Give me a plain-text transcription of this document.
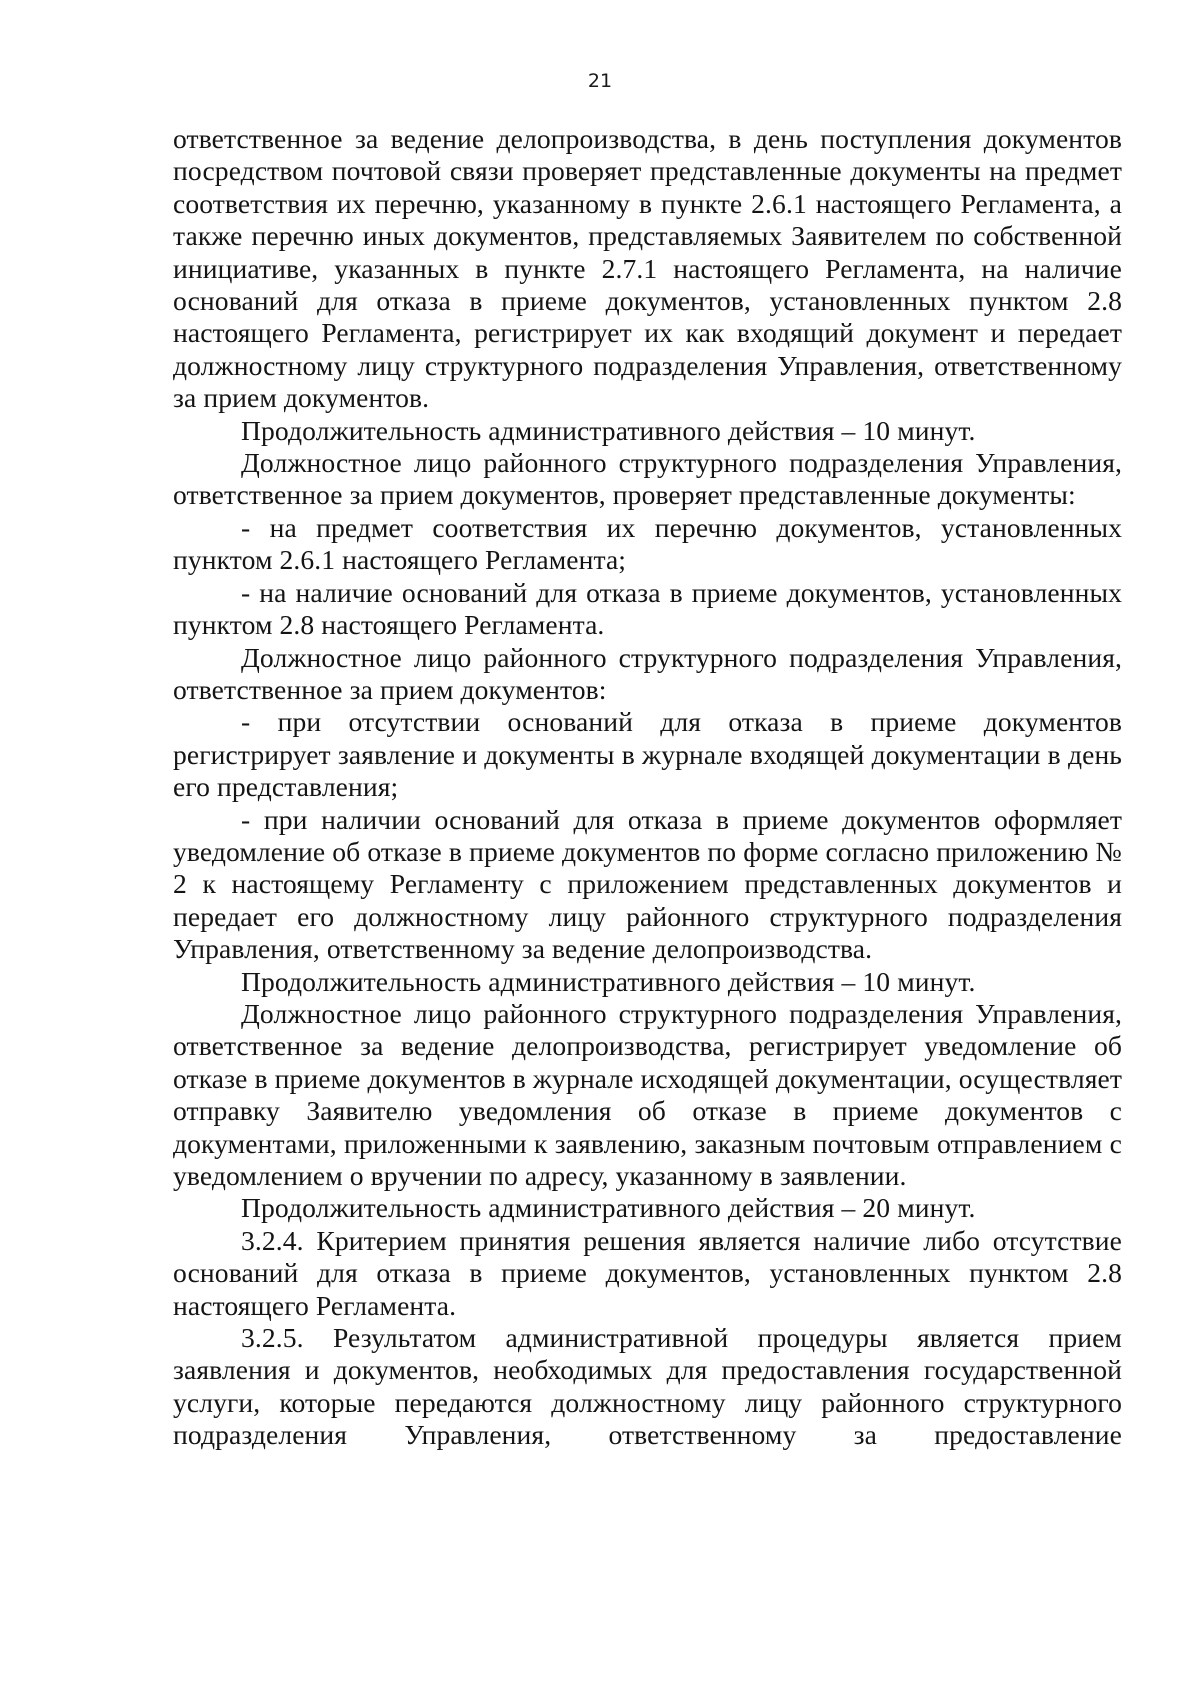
21

ответственное за ведение делопроизводства, в день поступления документов посредством почтовой связи проверяет представленные документы на предмет соответствия их перечню, указанному в пункте 2.6.1 настоящего Регламента, а также перечню иных документов, представляемых Заявителем по собственной инициативе, указанных в пункте 2.7.1 настоящего Регламента, на наличие оснований для отказа в приеме документов, установленных пунктом 2.8 настоящего Регламента, регистрирует их как входящий документ и передает должностному лицу структурного подразделения Управления, ответственному за прием документов.

Продолжительность административного действия – 10 минут.

Должностное лицо районного структурного подразделения Управления, ответственное за прием документов, проверяет представленные документы:

- на предмет соответствия их перечню документов, установленных пунктом 2.6.1 настоящего Регламента;

- на наличие оснований для отказа в приеме документов, установленных пунктом 2.8 настоящего Регламента.

Должностное лицо районного структурного подразделения Управления, ответственное за прием документов:

- при отсутствии оснований для отказа в приеме документов регистрирует заявление и документы в журнале входящей документации в день его представления;

- при наличии оснований для отказа в приеме документов оформляет уведомление об отказе в приеме документов по форме согласно приложению № 2 к настоящему Регламенту с приложением представленных документов и передает его должностному лицу районного структурного подразделения Управления, ответственному за ведение делопроизводства.

Продолжительность административного действия – 10 минут.

Должностное лицо районного структурного подразделения Управления, ответственное за ведение делопроизводства, регистрирует уведомление об отказе в приеме документов в журнале исходящей документации, осуществляет отправку Заявителю уведомления об отказе в приеме документов с документами, приложенными к заявлению, заказным почтовым отправлением с уведомлением о вручении по адресу, указанному в заявлении.

Продолжительность административного действия – 20 минут.

3.2.4. Критерием принятия решения является наличие либо отсутствие оснований для отказа в приеме документов, установленных пунктом 2.8 настоящего Регламента.

3.2.5. Результатом административной процедуры является прием заявления и документов, необходимых для предоставления государственной услуги, которые передаются должностному лицу районного структурного подразделения Управления, ответственному за предоставление
